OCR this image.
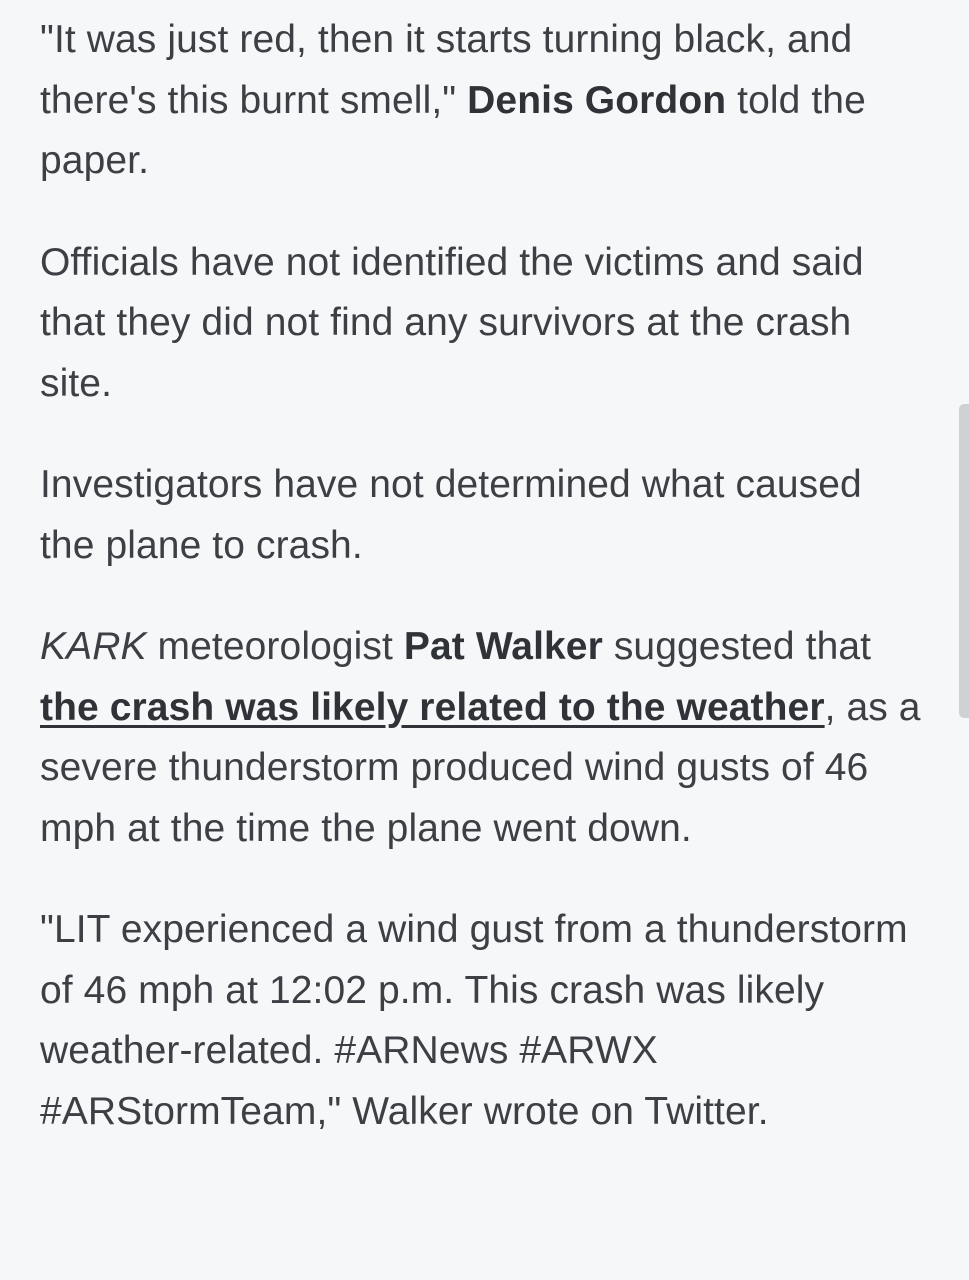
"It was just red, then it starts turning black, and there's this burnt smell," Denis Gordon told the paper.

Officials have not identified the victims and said that they did not find any survivors at the crash site.

Investigators have not determined what caused the plane to crash.

KARK meteorologist Pat Walker suggested that the crash was likely related to the weather, as a severe thunderstorm produced wind gusts of 46 mph at the time the plane went down.

"LIT experienced a wind gust from a thunderstorm of 46 mph at 12:02 p.m. This crash was likely weather-related. #ARNews #ARWX #ARStormTeam," Walker wrote on Twitter.
